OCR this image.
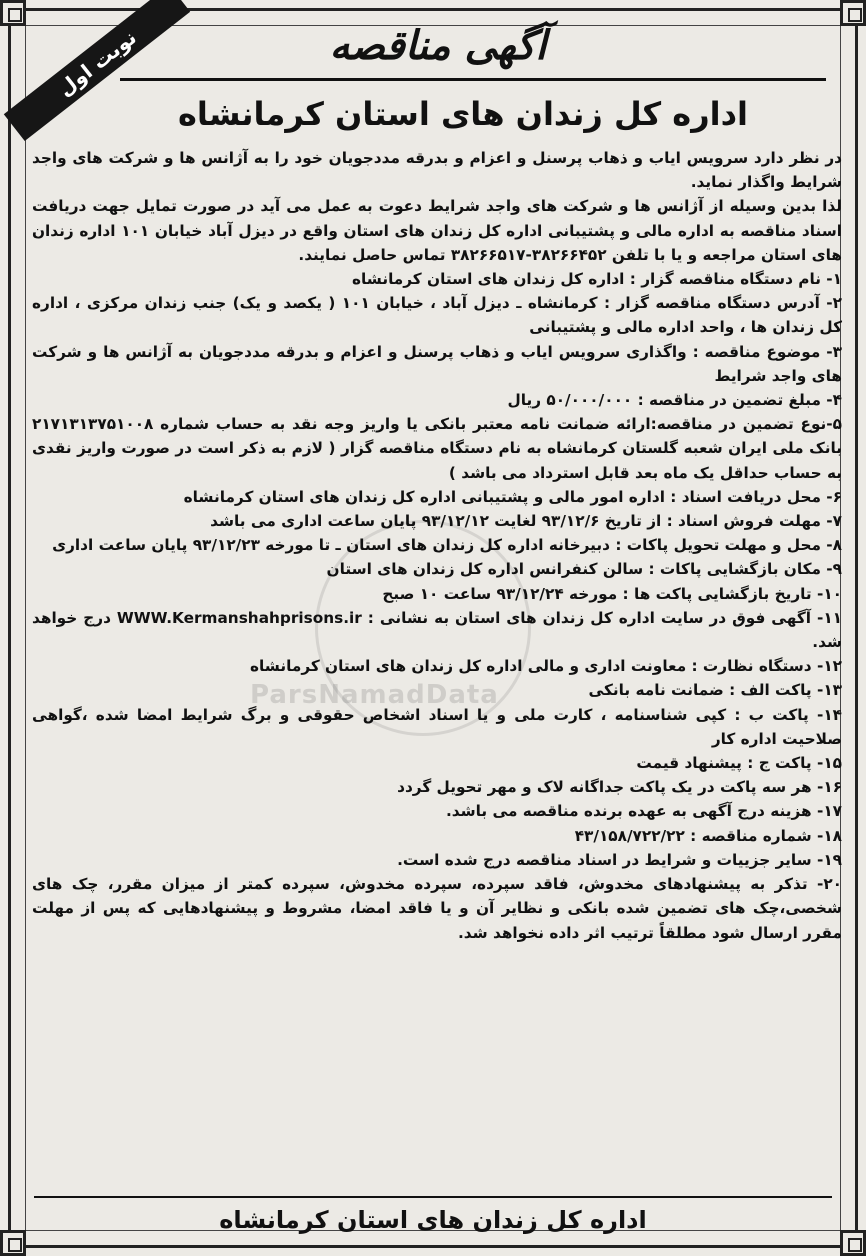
آگهی مناقصه
نوبت اول
اداره کل زندان های استان کرمانشاه
ParsNamadData

در نظر دارد سرویس ایاب و ذهاب پرسنل و اعزام و بدرقه مددجویان خود را به آژانس ها و شرکت های واجد شرایط واگذار نماید.

لذا بدین وسیله از آژانس ها و شرکت های واجد شرایط دعوت به عمل می آید در صورت تمایل جهت دریافت اسناد مناقصه به اداره مالی و پشتیبانی اداره کل زندان های استان واقع در دیزل آباد خیابان ۱۰۱ اداره زندان های استان مراجعه و یا با تلفن ۳۸۲۶۶۴۵۲-۳۸۲۶۶۵۱۷ تماس حاصل نمایند.

۱- نام دستگاه مناقصه گزار : اداره کل زندان های استان کرمانشاه

۲- آدرس دستگاه مناقصه گزار : کرمانشاه ـ دیزل آباد ، خیابان ۱۰۱ ( یکصد و یک) جنب زندان مرکزی ، اداره کل زندان ها ، واحد اداره مالی و پشتیبانی

۳- موضوع مناقصه : واگذاری سرویس ایاب و ذهاب پرسنل و اعزام و بدرقه مددجویان به آژانس ها و شرکت های واجد شرایط

۴- مبلغ تضمین در مناقصه : ۵۰/۰۰۰/۰۰۰ ریال

۵-نوع تضمین در مناقصه:ارائه ضمانت نامه معتبر بانکی یا واریز وجه نقد به حساب شماره ۲۱۷۱۳۱۳۷۵۱۰۰۸ بانک ملی ایران شعبه گلستان کرمانشاه به نام دستگاه مناقصه گزار ( لازم به ذکر است در صورت واریز نقدی به حساب حداقل یک ماه بعد قابل استرداد می باشد )

۶- محل دریافت اسناد : اداره امور مالی و پشتیبانی اداره کل زندان های استان کرمانشاه

۷- مهلت فروش اسناد : از تاریخ ۹۳/۱۲/۶ لغایت ۹۳/۱۲/۱۲ پایان ساعت اداری می باشد

۸- محل و مهلت تحویل پاکات : دبیرخانه اداره کل زندان های استان ـ تا مورخه ۹۳/۱۲/۲۳ پایان ساعت اداری

۹- مکان بازگشایی پاکات : سالن کنفرانس اداره کل زندان های استان

۱۰- تاریخ بازگشایی پاکت ها : مورخه ۹۳/۱۲/۲۴ ساعت ۱۰ صبح

۱۱- آگهی فوق در سایت اداره کل زندان های استان به نشانی : WWW.Kermanshahprisons.ir درج خواهد شد.

۱۲- دستگاه نظارت : معاونت اداری و مالی اداره کل زندان های استان کرمانشاه

۱۳- پاکت الف : ضمانت نامه بانکی

۱۴- پاکت ب : کپی شناسنامه ، کارت ملی و یا اسناد اشخاص حقوقی و برگ شرایط امضا شده ،گواهی صلاحیت اداره کار

۱۵- پاکت ج : پیشنهاد قیمت

۱۶- هر سه پاکت در یک پاکت جداگانه لاک و مهر تحویل گردد

۱۷- هزینه درج آگهی به عهده برنده مناقصه می باشد.

۱۸- شماره مناقصه : ۴۳/۱۵۸/۷۲۲/۲۲

۱۹- سایر جزییات و شرایط در اسناد مناقصه درج شده است.

۲۰- تذکر به پیشنهادهای مخدوش، فاقد سپرده، سپرده مخدوش، سپرده کمتر از میزان مقرر، چک های شخصی،چک های تضمین شده بانکی و نظایر آن و یا فاقد امضا، مشروط و پیشنهادهایی که پس از مهلت مقرر ارسال شود مطلقاً ترتیب اثر داده نخواهد شد.

اداره کل زندان های استان کرمانشاه
